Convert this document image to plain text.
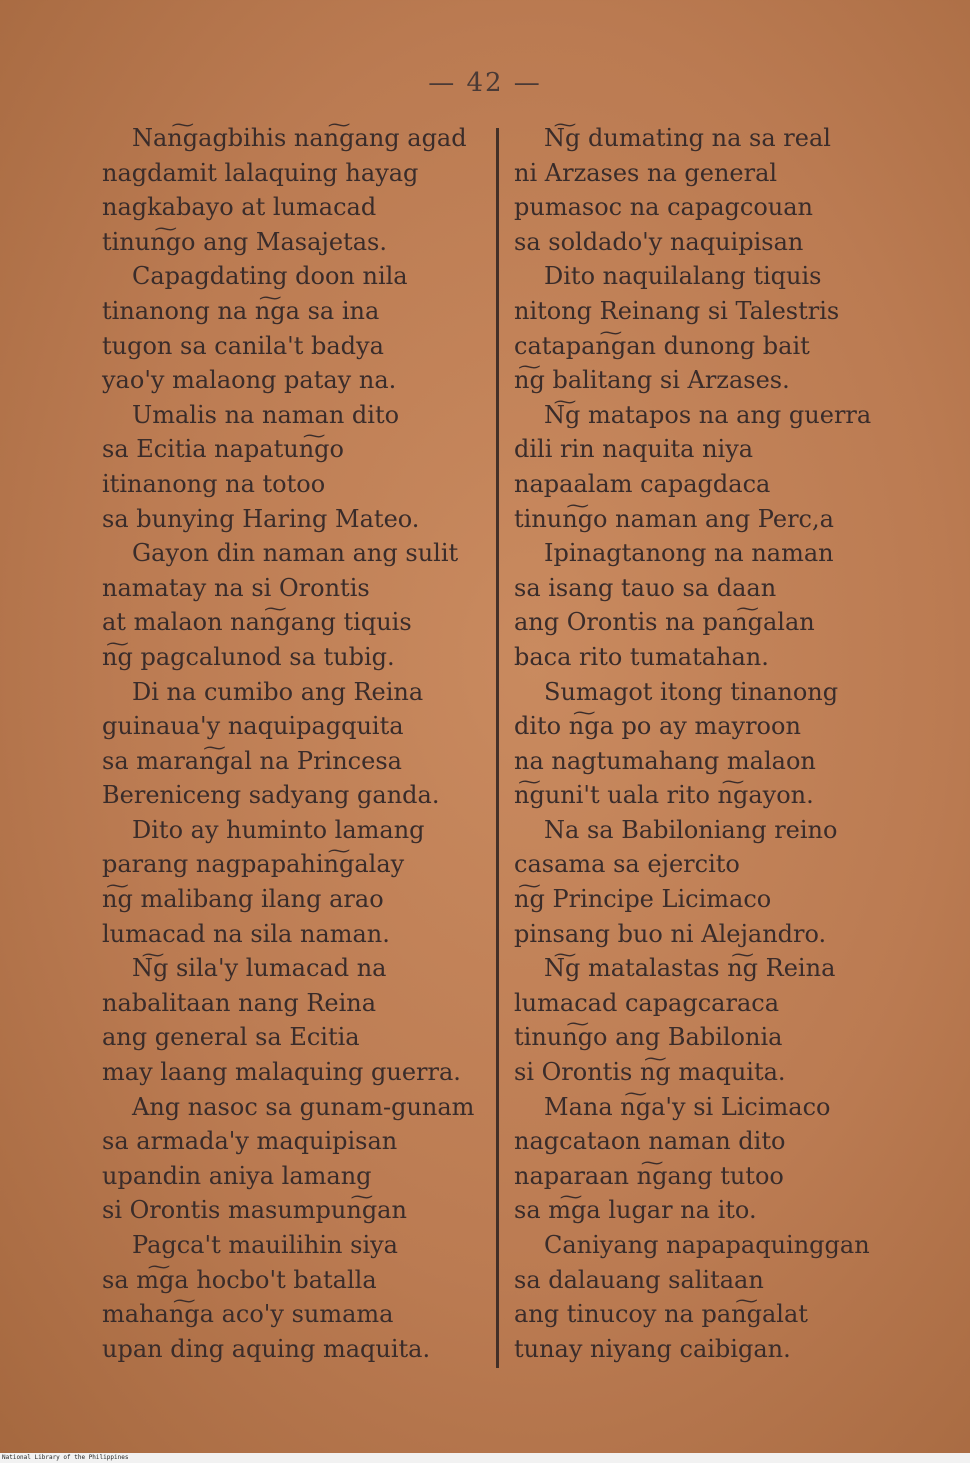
— 42 —
Nan͠gagbihis nan͠gang agad
nagdamit lalaquing hayag
nagkabayo at lumacad
tinun͠go ang Masajetas.
Capagdating doon nila
tinanong na n͠ga sa ina
tugon sa canila't badya
yao'y malaong patay na.
Umalis na naman dito
sa Ecitia napatun͠go
itinanong na totoo
sa bunying Haring Mateo.
Gayon din naman ang sulit
namatay na si Orontis
at malaon nan͠gang tiquis
n͠g pagcalunod sa tubig.
Di na cumibo ang Reina
guinaua'y naquipagquita
sa maran͠gal na Princesa
Bereniceng sadyang ganda.
Dito ay huminto lamang
parang nagpapahin͠galay
n͠g malibang ilang arao
lumacad na sila naman.
N͠g sila'y lumacad na
nabalitaan nang Reina
ang general sa Ecitia
may laang malaquing guerra.
Ang nasoc sa gunam-gunam
sa armada'y maquipisan
upandin aniya lamang
si Orontis masumpun͠gan
Pagca't mauilihin siya
sa m͠ga hocbo't batalla
mahan͠ga aco'y sumama
upan ding aquing maquita.
N͠g dumating na sa real
ni Arzases na general
pumasoc na capagcouan
sa soldado'y naquipisan
Dito naquilalang tiquis
nitong Reinang si Talestris
catapan͠gan dunong bait
n͠g balitang si Arzases.
N͠g matapos na ang guerra
dili rin naquita niya
napaalam capagdaca
tinun͠go naman ang Perc,a
Ipinagtanong na naman
sa isang tauo sa daan
ang Orontis na pan͠galan
baca rito tumatahan.
Sumagot itong tinanong
dito n͠ga po ay mayroon
na nagtumahang malaon
n͠guni't uala rito n͠gayon.
Na sa Babiloniang reino
casama sa ejercito
n͠g Principe Licimaco
pinsang buo ni Alejandro.
N͠g matalastas n͠g Reina
lumacad capagcaraca
tinun͠go ang Babilonia
si Orontis n͠g maquita.
Mana n͠ga'y si Licimaco
nagcataon naman dito
naparaan n͠gang tutoo
sa m͠ga lugar na ito.
Caniyang napapaquinggan
sa dalauang salitaan
ang tinucoy na pan͠galat
tunay niyang caibigan.
National Library of the Philippines
